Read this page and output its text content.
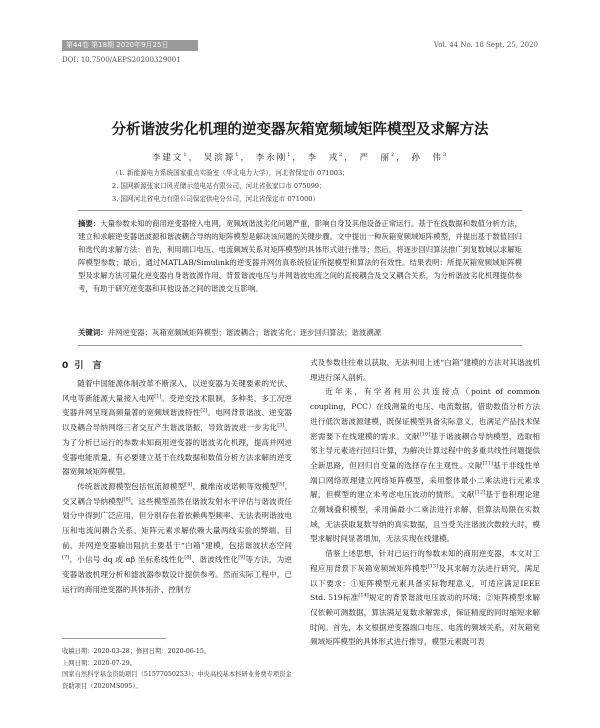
第44卷 第18期 2020年9月25日	Vol. 44 No. 18 Sept. 25, 2020
DOI: 10.7500/AEPS20200329001
分析谐波劣化机理的逆变器灰箱宽频域矩阵模型及求解方法
李建文$^1$， 吴滨源$^1$， 李永刚$^1$， 李　戎$^2$， 严　丽$^2$， 孙　伟$^3$
（1. 新能源电力系统国家重点实验室（华北电力大学），河北省保定市 071003；
2. 国网新源张家口风光储示范电站有限公司，河北省张家口市 075099；
3. 国网河北省电力有限公司保定供电分公司，河北省保定市 071000）
摘要：大量参数未知的商用逆变器接入电网，宽频域谐波劣化问题严重，影响自身及其他设备正常运行。基于在线数据和数值分析方法，建立和求解逆变器谐波源和谐波耦合导纳的矩阵模型是解决该问题的关键步骤。文中提出一种灰箱宽频域矩阵模型，并提出基于数值回归和迭代的求解方法：首先，利用端口电压、电流频域关系对矩阵模型的具体形式进行推导；然后，将逐步回归算法推广到复数域以求解矩阵模型参数；最后，通过MATLAB/Simulink的逆变器并网仿真系统验证所提模型和算法的有效性。结果表明：所提灰箱宽频域矩阵模型及求解方法可量化逆变器自身谐波源作用、背景谐波电压与并网谐波电流之间的直接耦合及交叉耦合关系，为分析谐波劣化机理提供参考，有助于研究逆变器和其他设备之间的谐波交互影响。
关键词：并网逆变器；灰箱宽频域矩阵模型；谐波耦合；谐波劣化；逐步回归算法；谐波溯源
0 引　言

随着中国能源体制改革不断深入，以逆变器为关键要素的光伏、风电等新能源大量接入电网[1]。受逆变技术限制，多种类、多工况逆变器并网呈现高频量著的宽频域谐波特性[2]。电网背景谐波、逆变器以及耦合导纳网络三者交互产生谐波谐振，导致谐波进一步劣化[3]。为了分析已运行的参数未知商用逆变器的谐波劣化机理，提高并网逆变器电能质量，有必要建立基于在线数据和数值分析方法求解的逆变器宽频域矩阵模型。

传统谐波源模型包括恒流源模型[4]、戴维南或诺顿等效模型[5]、交叉耦合导纳模型[6]。这些模型虽然在谐波发射水平评估与谐波责任划分中得到广泛应用，但分别存在着依赖典型频率、无法表明谐波电压和电流间耦合关系、矩阵元素求解依赖大量两线实验的弊端。目前，并网逆变器输出阻抗主要基于“白箱”建模，包括谐波状态空间[7]、小信号 dq 或 αβ 坐标系线性化[8]、谐波线性化[9]等方法，为逆变器谐波机理分析和滤波器参数设计提供参考。然而实际工程中，已运行的商用逆变器的具体拓扑、控制方

式及参数往往难以获取，无法利用上述“白箱”建模的方法对其谐波机理进行深入剖析。

近年来，有学者利用公共连接点（point of common coupling，PCC）在线测量的电压、电流数据，借助数值分析方法进行低次谐波源建模，既保证模型具备实际意义，也满足产品技术保密需要下在线建模的需求。文献[10]基于谐波耦合导纳模型，选取相邻主导元素进行回归计算，为解决计算过程中的多重共线性问题提供全新思路，但回归自变量的选择存在主观性。文献[11]基于非线性单端口网络原理建立网络矩阵模型，采用整体最小二乘法进行元素求解，但模型的建立未考虑电压波动的情形。文献[12]基于卷积理论建立频域叠积模型，采用偏最小二乘法进行求解，但算法局限在实数域，无法获取复数导纳的真实数据，且当受关注谐波次数较大时，模型求解时间显著增加，无法实现在线建模。

借鉴上述思想，针对已运行的参数未知的商用逆变器，本文对工程应用背景下灰箱宽频域矩阵模型[13]及其求解方法进行研究，满足以下要求：①矩阵模型元素具备实际物理意义，可适应满足IEEE Std. 519标准[14]规定的背景谐波电压波动的环境；②矩阵模型求解仅依赖可测数据，算法满足复数求解需求，保证精度的同时缩短求解时间。首先，本文根据逆变器端口电压、电流的频域关系，对灰箱宽频域矩阵模型的具体形式进行推导，模型元素既可表

收稿日期：2020-03-28；修回日期：2020-06-15。
上网日期：2020-07-29。
国家自然科学基金资助项目（51577050253）；中央高校基本科研业务费专项资金资助项目（2020MS095）。
